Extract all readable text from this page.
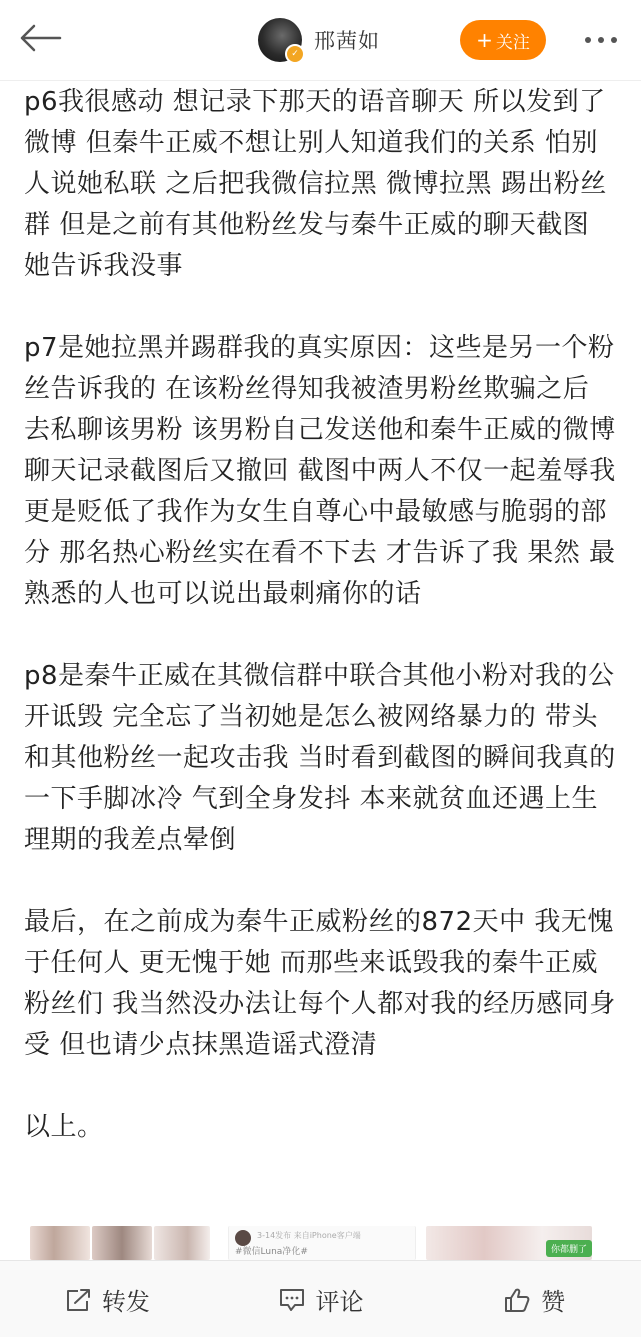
✓
邢茜如	+ 关注

p6我很感动 想记录下那天的语音聊天 所以发到了微博 但秦牛正威不想让别人知道我们的关系 怕别人说她私联 之后把我微信拉黑 微博拉黑 踢出粉丝群 但是之前有其他粉丝发与秦牛正威的聊天截图 她告诉我没事

p7是她拉黑并踢群我的真实原因：这些是另一个粉丝告诉我的 在该粉丝得知我被渣男粉丝欺骗之后 去私聊该男粉 该男粉自己发送他和秦牛正威的微博聊天记录截图后又撤回 截图中两人不仅一起羞辱我 更是贬低了我作为女生自尊心中最敏感与脆弱的部分 那名热心粉丝实在看不下去 才告诉了我 果然 最熟悉的人也可以说出最刺痛你的话

p8是秦牛正威在其微信群中联合其他小粉对我的公开诋毁 完全忘了当初她是怎么被网络暴力的 带头和其他粉丝一起攻击我 当时看到截图的瞬间我真的一下手脚冰冷 气到全身发抖 本来就贫血还遇上生理期的我差点晕倒

最后，在之前成为秦牛正威粉丝的872天中 我无愧于任何人 更无愧于她 而那些来诋毁我的秦牛正威粉丝们 我当然没办法让每个人都对我的经历感同身受 但也请少点抹黑造谣式澄清

以上。

3-14发布 来自iPhone客户端
#微信Luna净化#	你都删了
转发	评论	赞
